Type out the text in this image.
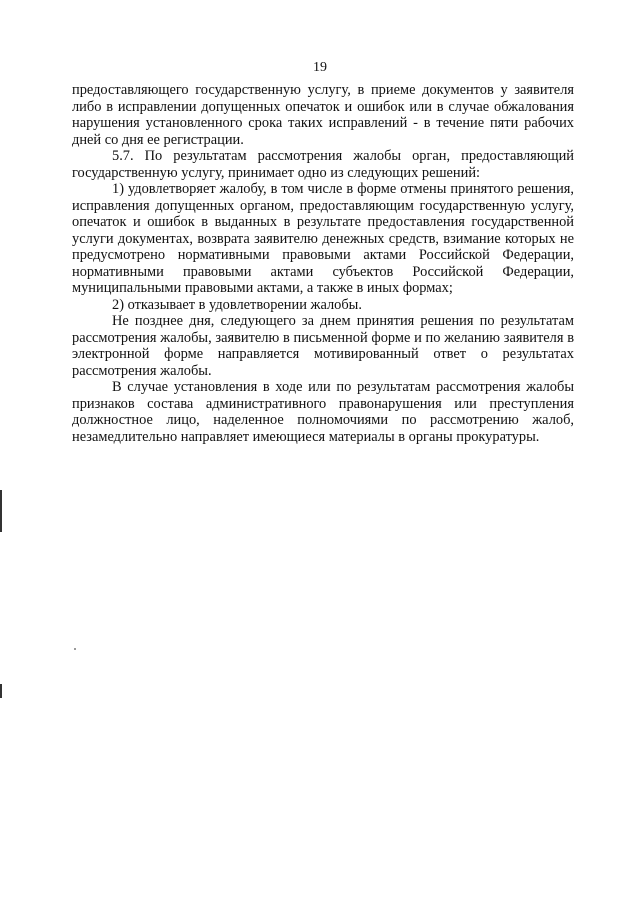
19

предоставляющего государственную услугу, в приеме документов у заявителя либо в исправлении допущенных опечаток и ошибок или в случае обжалования нарушения установленного срока таких исправлений - в течение пяти рабочих дней со дня ее регистрации.

5.7. По результатам рассмотрения жалобы орган, предоставляющий государственную услугу, принимает одно из следующих решений:

1) удовлетворяет жалобу, в том числе в форме отмены принятого решения, исправления допущенных органом, предоставляющим государственную услугу, опечаток и ошибок в выданных в результате предоставления государственной услуги документах, возврата заявителю денежных средств, взимание которых не предусмотрено нормативными правовыми актами Российской Федерации, нормативными правовыми актами субъектов Российской Федерации, муниципальными правовыми актами, а также в иных формах;

2) отказывает в удовлетворении жалобы.

Не позднее дня, следующего за днем принятия решения по результатам рассмотрения жалобы, заявителю в письменной форме и по желанию заявителя в электронной форме направляется мотивированный ответ о результатах рассмотрения жалобы.

В случае установления в ходе или по результатам рассмотрения жалобы признаков состава административного правонарушения или преступления должностное лицо, наделенное полномочиями по рассмотрению жалоб, незамедлительно направляет имеющиеся материалы в органы прокуратуры.
